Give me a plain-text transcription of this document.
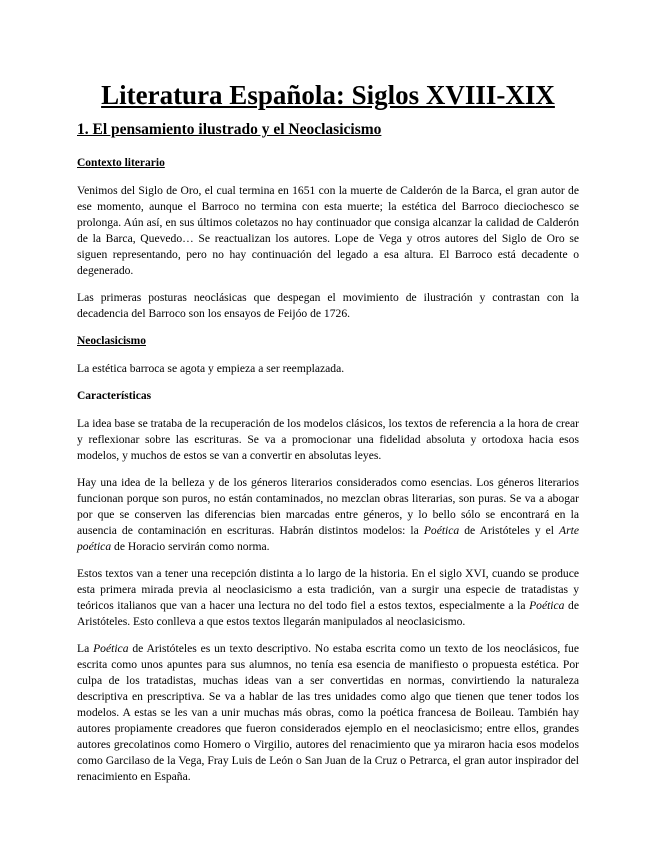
Literatura Española: Siglos XVIII-XIX
1. El pensamiento ilustrado y el Neoclasicismo
Contexto literario

Venimos del Siglo de Oro, el cual termina en 1651 con la muerte de Calderón de la Barca, el gran autor de ese momento, aunque el Barroco no termina con esta muerte; la estética del Barroco dieciochesco se prolonga. Aún así, en sus últimos coletazos no hay continuador que consiga alcanzar la calidad de Calderón de la Barca, Quevedo… Se reactualizan los autores. Lope de Vega y otros autores del Siglo de Oro se siguen representando, pero no hay continuación del legado a esa altura. El Barroco está decadente o degenerado.

Las primeras posturas neoclásicas que despegan el movimiento de ilustración y contrastan con la decadencia del Barroco son los ensayos de Feijóo de 1726.

Neoclasicismo

La estética barroca se agota y empieza a ser reemplazada.

Características

La idea base se trataba de la recuperación de los modelos clásicos, los textos de referencia a la hora de crear y reflexionar sobre las escrituras. Se va a promocionar una fidelidad absoluta y ortodoxa hacia esos modelos, y muchos de estos se van a convertir en absolutas leyes.

Hay una idea de la belleza y de los géneros literarios considerados como esencias. Los géneros literarios funcionan porque son puros, no están contaminados, no mezclan obras literarias, son puras. Se va a abogar por que se conserven las diferencias bien marcadas entre géneros, y lo bello sólo se encontrará en la ausencia de contaminación en escrituras. Habrán distintos modelos: la Poética de Aristóteles y el Arte poética de Horacio servirán como norma.

Estos textos van a tener una recepción distinta a lo largo de la historia. En el siglo XVI, cuando se produce esta primera mirada previa al neoclasicismo a esta tradición, van a surgir una especie de tratadistas y teóricos italianos que van a hacer una lectura no del todo fiel a estos textos, especialmente a la Poética de Aristóteles. Esto conlleva a que estos textos llegarán manipulados al neoclasicismo.

La Poética de Aristóteles es un texto descriptivo. No estaba escrita como un texto de los neoclásicos, fue escrita como unos apuntes para sus alumnos, no tenía esa esencia de manifiesto o propuesta estética. Por culpa de los tratadistas, muchas ideas van a ser convertidas en normas, convirtiendo la naturaleza descriptiva en prescriptiva. Se va a hablar de las tres unidades como algo que tienen que tener todos los modelos. A estas se les van a unir muchas más obras, como la poética francesa de Boileau. También hay autores propiamente creadores que fueron considerados ejemplo en el neoclasicismo; entre ellos, grandes autores grecolatinos como Homero o Virgilio, autores del renacimiento que ya miraron hacia esos modelos como Garcilaso de la Vega, Fray Luis de León o San Juan de la Cruz o Petrarca, el gran autor inspirador del renacimiento en España.
